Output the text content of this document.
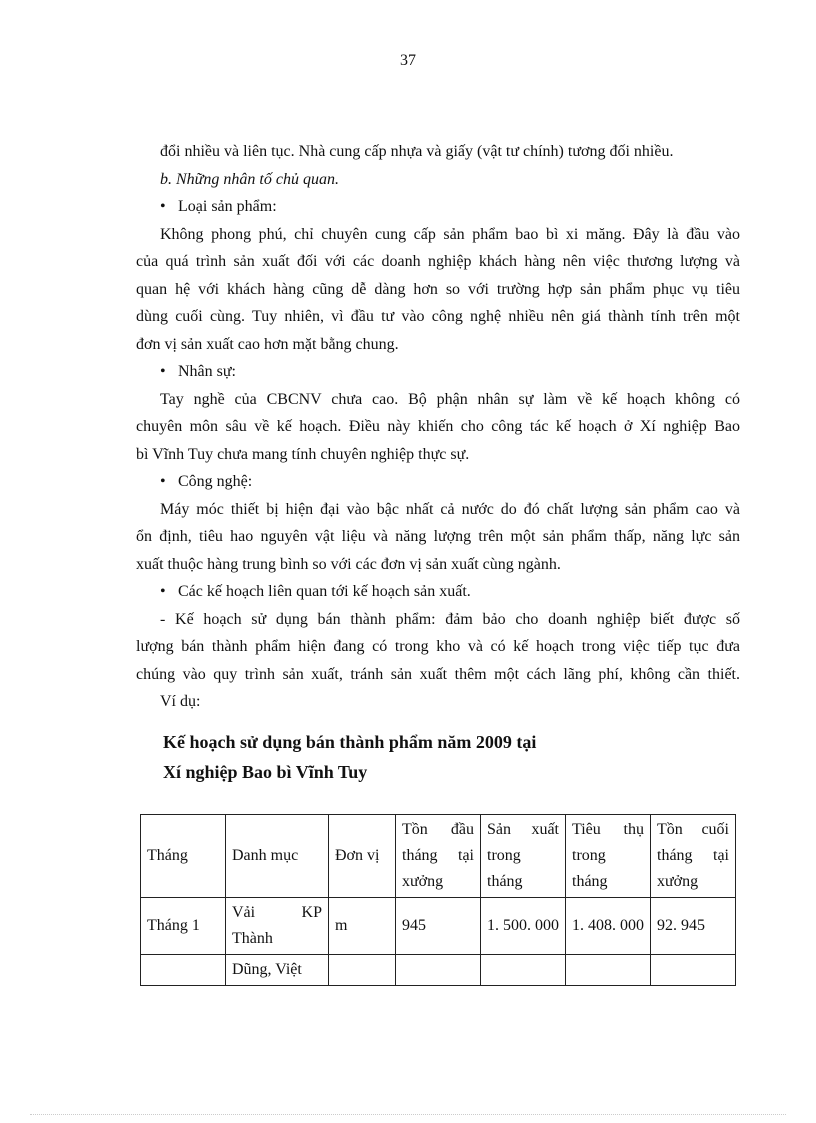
37
đổi nhiều và liên tục. Nhà cung cấp nhựa và giấy (vật tư chính) tương đối nhiều.
b. Những nhân tố chủ quan.
• Loại sản phẩm:
Không phong phú, chỉ chuyên cung cấp sản phẩm bao bì xi măng. Đây là đầu vào
của quá trình sản xuất đối với các doanh nghiệp khách hàng nên việc thương lượng và
quan hệ với khách hàng cũng dễ dàng hơn so với trường hợp sản phẩm phục vụ tiêu
dùng cuối cùng. Tuy nhiên, vì đầu tư vào công nghệ nhiều nên giá thành tính trên một
đơn vị sản xuất cao hơn mặt bằng chung.
• Nhân sự:
Tay nghề của CBCNV chưa cao. Bộ phận nhân sự làm về kế hoạch không có
chuyên môn sâu về kế hoạch. Điều này khiến cho công tác kế hoạch ở Xí nghiệp Bao
bì Vĩnh Tuy chưa mang tính chuyên nghiệp thực sự.
• Công nghệ:
Máy móc thiết bị hiện đại vào bậc nhất cả nước do đó chất lượng sản phẩm cao và
ổn định, tiêu hao nguyên vật liệu và năng lượng trên một sản phẩm thấp, năng lực sản
xuất thuộc hàng trung bình so với các đơn vị sản xuất cùng ngành.
• Các kế hoạch liên quan tới kế hoạch sản xuất.
- Kế hoạch sử dụng bán thành phẩm: đảm bảo cho doanh nghiệp biết được số
lượng bán thành phẩm hiện đang có trong kho và có kế hoạch trong việc tiếp tục đưa
chúng vào quy trình sản xuất, tránh sản xuất thêm một cách lãng phí, không cần thiết.
Ví dụ:
Kế hoạch sử dụng bán thành phẩm năm 2009 tại
Xí nghiệp Bao bì Vĩnh Tuy
Tháng	Danh mục	Đơn vị	Tồn đầu tháng tại xưởng	Sản xuất trong tháng	Tiêu thụ trong tháng	Tồn cuối tháng tại xưởng
Tháng 1	Vải KP Thành	m	945	1. 500. 000	1. 408. 000	92. 945
	Dũng, Việt					
